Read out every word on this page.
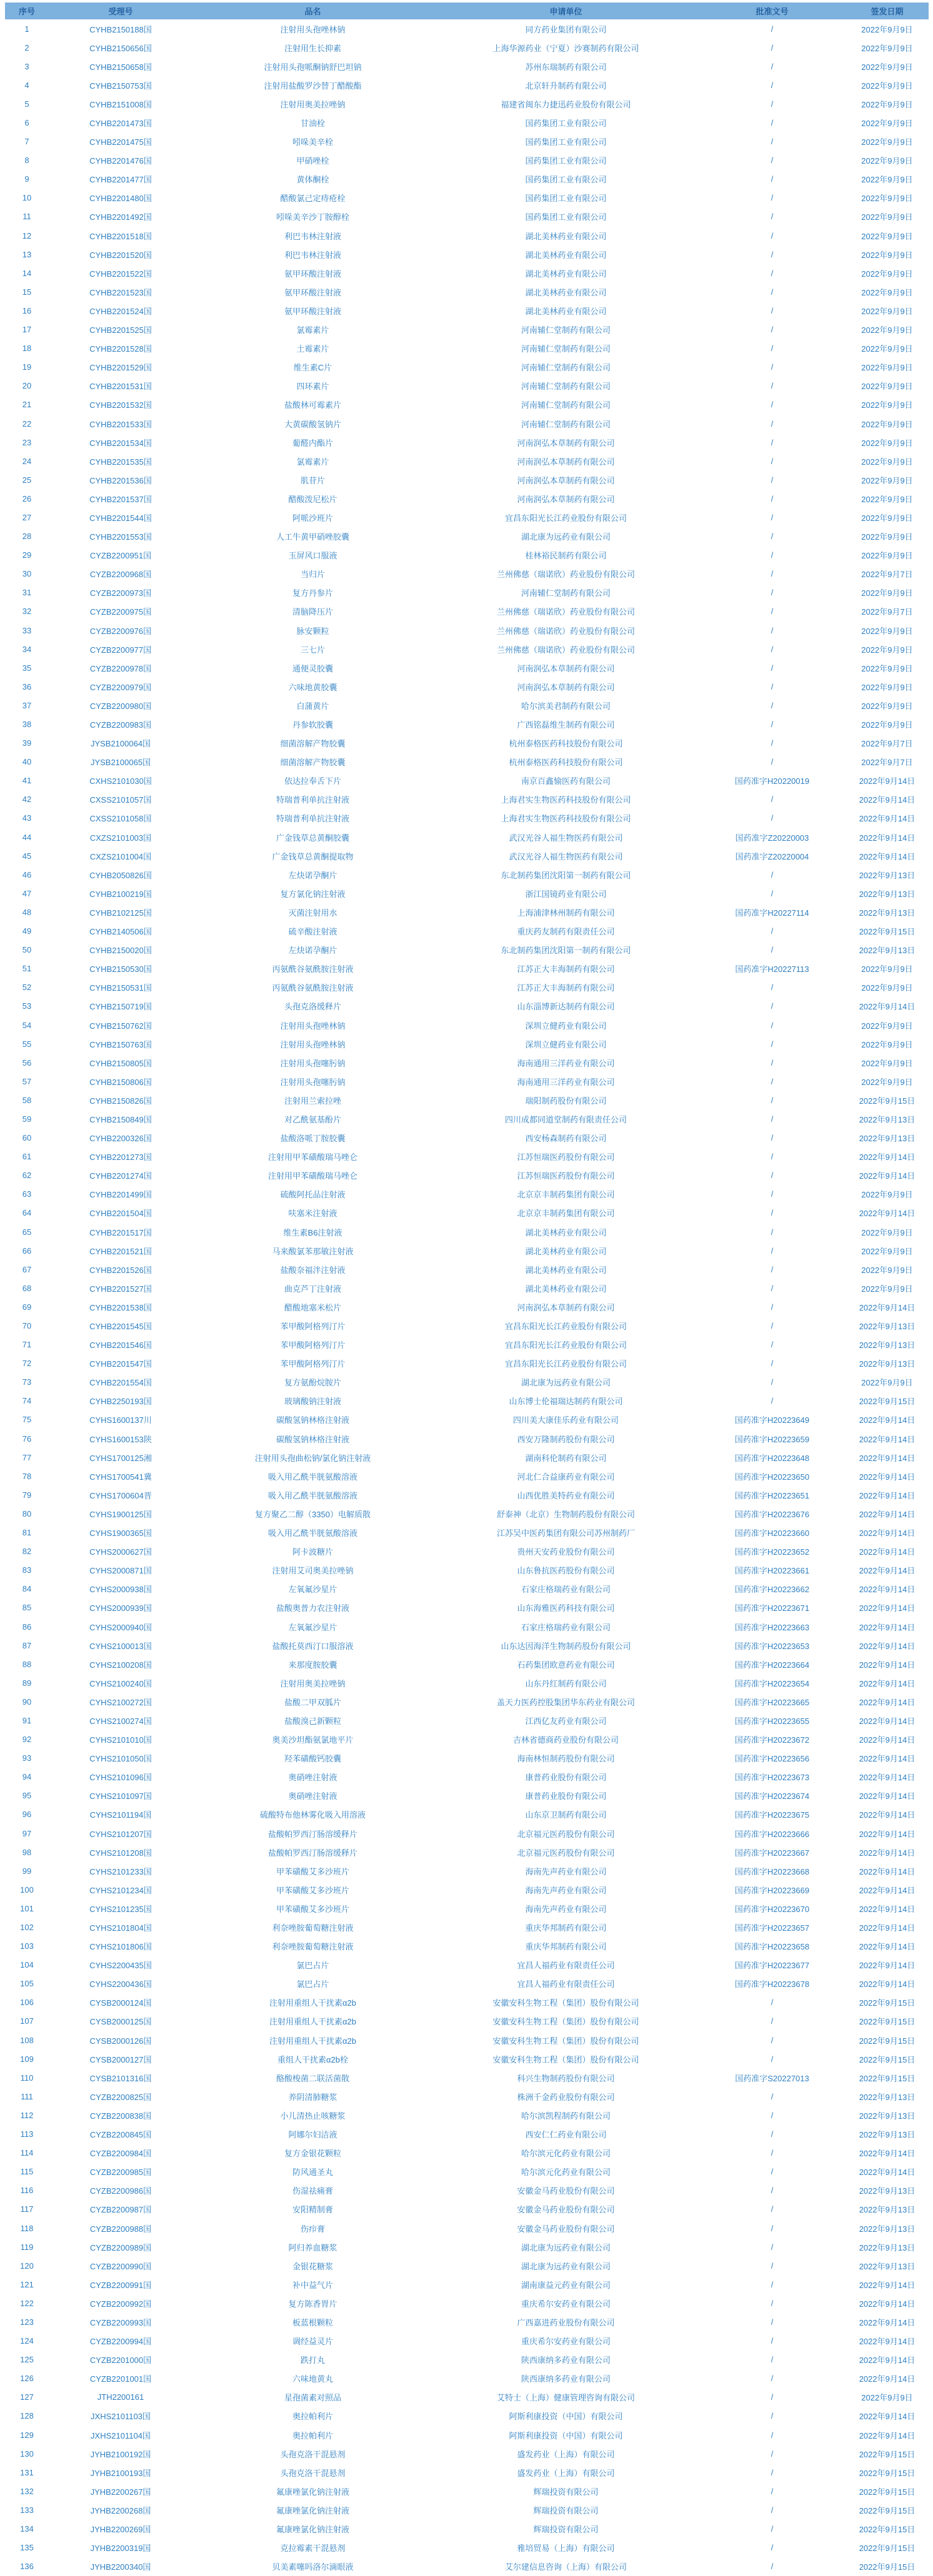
序号	受理号	品名	申请单位	批准文号	签发日期
1	CYHB2150188国	注射用头孢唑林钠	同方药业集团有限公司	/	2022年9月9日
2	CYHB2150656国	注射用生长抑素	上海华源药业（宁夏）沙赛制药有限公司	/	2022年9月9日
3	CYHB2150658国	注射用头孢哌酮钠舒巴坦钠	苏州东瑞制药有限公司	/	2022年9月9日
4	CYHB2150753国	注射用盐酸罗沙替丁醋酸酯	北京轩升制药有限公司	/	2022年9月9日
5	CYHB2151008国	注射用奥美拉唑钠	福建省闽东力捷迅药业股份有限公司	/	2022年9月9日
6	CYHB2201473国	甘油栓	国药集团工业有限公司	/	2022年9月9日
7	CYHB2201475国	吲哚美辛栓	国药集团工业有限公司	/	2022年9月9日
8	CYHB2201476国	甲硝唑栓	国药集团工业有限公司	/	2022年9月9日
9	CYHB2201477国	黄体酮栓	国药集团工业有限公司	/	2022年9月9日
10	CYHB2201480国	醋酸氯己定痔疮栓	国药集团工业有限公司	/	2022年9月9日
11	CYHB2201492国	吲哚美辛沙丁胺醇栓	国药集团工业有限公司	/	2022年9月9日
12	CYHB2201518国	利巴韦林注射液	湖北美林药业有限公司	/	2022年9月9日
13	CYHB2201520国	利巴韦林注射液	湖北美林药业有限公司	/	2022年9月9日
14	CYHB2201522国	氨甲环酸注射液	湖北美林药业有限公司	/	2022年9月9日
15	CYHB2201523国	氨甲环酸注射液	湖北美林药业有限公司	/	2022年9月9日
16	CYHB2201524国	氨甲环酸注射液	湖北美林药业有限公司	/	2022年9月9日
17	CYHB2201525国	氯霉素片	河南辅仁堂制药有限公司	/	2022年9月9日
18	CYHB2201528国	土霉素片	河南辅仁堂制药有限公司	/	2022年9月9日
19	CYHB2201529国	维生素C片	河南辅仁堂制药有限公司	/	2022年9月9日
20	CYHB2201531国	四环素片	河南辅仁堂制药有限公司	/	2022年9月9日
21	CYHB2201532国	盐酸林可霉素片	河南辅仁堂制药有限公司	/	2022年9月9日
22	CYHB2201533国	大黄碳酸氢钠片	河南辅仁堂制药有限公司	/	2022年9月9日
23	CYHB2201534国	葡醛内酯片	河南润弘本草制药有限公司	/	2022年9月9日
24	CYHB2201535国	氯霉素片	河南润弘本草制药有限公司	/	2022年9月9日
25	CYHB2201536国	肌苷片	河南润弘本草制药有限公司	/	2022年9月9日
26	CYHB2201537国	醋酸泼尼松片	河南润弘本草制药有限公司	/	2022年9月9日
27	CYHB2201544国	阿哌沙班片	宜昌东阳光长江药业股份有限公司	/	2022年9月9日
28	CYHB2201553国	人工牛黄甲硝唑胶囊	湖北康为远药业有限公司	/	2022年9月9日
29	CYZB2200951国	玉屏风口服液	桂林裕民制药有限公司	/	2022年9月9日
30	CYZB2200968国	当归片	兰州佛慈（瑞诺欣）药业股份有限公司	/	2022年9月7日
31	CYZB2200973国	复方丹参片	河南辅仁堂制药有限公司	/	2022年9月9日
32	CYZB2200975国	清脑降压片	兰州佛慈（瑞诺欣）药业股份有限公司	/	2022年9月7日
33	CYZB2200976国	脉安颗粒	兰州佛慈（瑞诺欣）药业股份有限公司	/	2022年9月9日
34	CYZB2200977国	三七片	兰州佛慈（瑞诺欣）药业股份有限公司	/	2022年9月9日
35	CYZB2200978国	通便灵胶囊	河南润弘本草制药有限公司	/	2022年9月9日
36	CYZB2200979国	六味地黄胶囊	河南润弘本草制药有限公司	/	2022年9月9日
37	CYZB2200980国	白蒲黄片	哈尔滨美君制药有限公司	/	2022年9月9日
38	CYZB2200983国	丹参软胶囊	广西铭磊维生制药有限公司	/	2022年9月9日
39	JYSB2100064国	细菌溶解产物胶囊	杭州泰格医药科技股份有限公司	/	2022年9月7日
40	JYSB2100065国	细菌溶解产物胶囊	杭州泰格医药科技股份有限公司	/	2022年9月7日
41	CXHS2101030国	依达拉奉舌下片	南京百鑫愉医药有限公司	国药准字H20220019	2022年9月14日
42	CXSS2101057国	特瑞普利单抗注射液	上海君实生物医药科技股份有限公司	/	2022年9月14日
43	CXSS2101058国	特瑞普利单抗注射液	上海君实生物医药科技股份有限公司	/	2022年9月14日
44	CXZS2101003国	广金钱草总黄酮胶囊	武汉光谷人福生物医药有限公司	国药准字Z20220003	2022年9月14日
45	CXZS2101004国	广金钱草总黄酮提取物	武汉光谷人福生物医药有限公司	国药准字Z20220004	2022年9月14日
46	CYHB2050826国	左炔诺孕酮片	东北制药集团沈阳第一制药有限公司	/	2022年9月13日
47	CYHB2100219国	复方氯化钠注射液	浙江国镜药业有限公司	/	2022年9月13日
48	CYHB2102125国	灭菌注射用水	上海浦津林州制药有限公司	国药准字H20227114	2022年9月13日
49	CYHB2140506国	硫辛酸注射液	重庆药友制药有限责任公司	/	2022年9月15日
50	CYHB2150020国	左炔诺孕酮片	东北制药集团沈阳第一制药有限公司	/	2022年9月13日
51	CYHB2150530国	丙氨酰谷氨酰胺注射液	江苏正大丰海制药有限公司	国药准字H20227113	2022年9月9日
52	CYHB2150531国	丙氨酰谷氨酰胺注射液	江苏正大丰海制药有限公司	/	2022年9月9日
53	CYHB2150719国	头孢克洛缓释片	山东淄博新达制药有限公司	/	2022年9月14日
54	CYHB2150762国	注射用头孢唑林钠	深圳立健药业有限公司	/	2022年9月9日
55	CYHB2150763国	注射用头孢唑林钠	深圳立健药业有限公司	/	2022年9月9日
56	CYHB2150805国	注射用头孢噻肟钠	海南通用三洋药业有限公司	/	2022年9月9日
57	CYHB2150806国	注射用头孢噻肟钠	海南通用三洋药业有限公司	/	2022年9月9日
58	CYHB2150826国	注射用兰索拉唑	瑞阳制药股份有限公司	/	2022年9月15日
59	CYHB2150849国	对乙酰氨基酚片	四川成都同道堂制药有限责任公司	/	2022年9月13日
60	CYHB2200326国	盐酸洛哌丁胺胶囊	西安杨森制药有限公司	/	2022年9月13日
61	CYHB2201273国	注射用甲苯磺酸瑞马唑仑	江苏恒瑞医药股份有限公司	/	2022年9月14日
62	CYHB2201274国	注射用甲苯磺酸瑞马唑仑	江苏恒瑞医药股份有限公司	/	2022年9月14日
63	CYHB2201499国	硫酸阿托品注射液	北京京丰制药集团有限公司	/	2022年9月9日
64	CYHB2201504国	呋塞米注射液	北京京丰制药集团有限公司	/	2022年9月14日
65	CYHB2201517国	维生素B6注射液	湖北美林药业有限公司	/	2022年9月9日
66	CYHB2201521国	马来酸氯苯那敏注射液	湖北美林药业有限公司	/	2022年9月9日
67	CYHB2201526国	盐酸奈福泮注射液	湖北美林药业有限公司	/	2022年9月9日
68	CYHB2201527国	曲克芦丁注射液	湖北美林药业有限公司	/	2022年9月9日
69	CYHB2201538国	醋酸地塞米松片	河南润弘本草制药有限公司	/	2022年9月14日
70	CYHB2201545国	苯甲酸阿格列汀片	宜昌东阳光长江药业股份有限公司	/	2022年9月13日
71	CYHB2201546国	苯甲酸阿格列汀片	宜昌东阳光长江药业股份有限公司	/	2022年9月13日
72	CYHB2201547国	苯甲酸阿格列汀片	宜昌东阳光长江药业股份有限公司	/	2022年9月13日
73	CYHB2201554国	复方氨酚烷胺片	湖北康为远药业有限公司	/	2022年9月9日
74	CYHB2250193国	玻璃酸钠注射液	山东博士伦福瑞达制药有限公司	/	2022年9月15日
75	CYHS1600137川	碳酸氢钠林格注射液	四川美大康佳乐药业有限公司	国药准字H20223649	2022年9月14日
76	CYHS1600153陕	碳酸氢钠林格注射液	西安万隆制药股份有限公司	国药准字H20223659	2022年9月14日
77	CYHS1700125湘	注射用头孢曲松钠/氯化钠注射液	湖南科伦制药有限公司	国药准字H20223648	2022年9月14日
78	CYHS1700541冀	吸入用乙酰半胱氨酸溶液	河北仁合益康药业有限公司	国药准字H20223650	2022年9月14日
79	CYHS1700604晋	吸入用乙酰半胱氨酸溶液	山西优胜美特药业有限公司	国药准字H20223651	2022年9月14日
80	CYHS1900125国	复方聚乙二醇（3350）电解质散	舒泰神（北京）生物制药股份有限公司	国药准字H20223676	2022年9月14日
81	CYHS1900365国	吸入用乙酰半胱氨酸溶液	江苏吴中医药集团有限公司苏州制药厂	国药准字H20223660	2022年9月14日
82	CYHS2000627国	阿卡波糖片	贵州天安药业股份有限公司	国药准字H20223652	2022年9月14日
83	CYHS2000871国	注射用艾司奥美拉唑钠	山东鲁抗医药股份有限公司	国药准字H20223661	2022年9月14日
84	CYHS2000938国	左氧氟沙星片	石家庄格瑞药业有限公司	国药准字H20223662	2022年9月14日
85	CYHS2000939国	盐酸奥普力农注射液	山东海雅医药科技有限公司	国药准字H20223671	2022年9月14日
86	CYHS2000940国	左氧氟沙星片	石家庄格瑞药业有限公司	国药准字H20223663	2022年9月14日
87	CYHS2100013国	盐酸托莫西汀口服溶液	山东达因海洋生物制药股份有限公司	国药准字H20223653	2022年9月14日
88	CYHS2100208国	来那度胺胶囊	石药集团欧意药业有限公司	国药准字H20223664	2022年9月14日
89	CYHS2100240国	注射用奥美拉唑钠	山东丹红制药有限公司	国药准字H20223654	2022年9月14日
90	CYHS2100272国	盐酸二甲双胍片	盖天力医药控股集团华东药业有限公司	国药准字H20223665	2022年9月14日
91	CYHS2100274国	盐酸溴己新颗粒	江西亿友药业有限公司	国药准字H20223655	2022年9月14日
92	CYHS2101010国	奥美沙坦酯氨氯地平片	吉林省德商药业股份有限公司	国药准字H20223672	2022年9月14日
93	CYHS2101050国	羟苯磺酸钙胶囊	海南林恒制药股份有限公司	国药准字H20223656	2022年9月14日
94	CYHS2101096国	奥硝唑注射液	康普药业股份有限公司	国药准字H20223673	2022年9月14日
95	CYHS2101097国	奥硝唑注射液	康普药业股份有限公司	国药准字H20223674	2022年9月14日
96	CYHS2101194国	硫酸特布他林雾化吸入用溶液	山东京卫制药有限公司	国药准字H20223675	2022年9月14日
97	CYHS2101207国	盐酸帕罗西汀肠溶缓释片	北京福元医药股份有限公司	国药准字H20223666	2022年9月14日
98	CYHS2101208国	盐酸帕罗西汀肠溶缓释片	北京福元医药股份有限公司	国药准字H20223667	2022年9月14日
99	CYHS2101233国	甲苯磺酸艾多沙班片	海南先声药业有限公司	国药准字H20223668	2022年9月14日
100	CYHS2101234国	甲苯磺酸艾多沙班片	海南先声药业有限公司	国药准字H20223669	2022年9月14日
101	CYHS2101235国	甲苯磺酸艾多沙班片	海南先声药业有限公司	国药准字H20223670	2022年9月14日
102	CYHS2101804国	利奈唑胺葡萄糖注射液	重庆华邦制药有限公司	国药准字H20223657	2022年9月14日
103	CYHS2101806国	利奈唑胺葡萄糖注射液	重庆华邦制药有限公司	国药准字H20223658	2022年9月14日
104	CYHS2200435国	氯巴占片	宜昌人福药业有限责任公司	国药准字H20223677	2022年9月14日
105	CYHS2200436国	氯巴占片	宜昌人福药业有限责任公司	国药准字H20223678	2022年9月14日
106	CYSB2000124国	注射用重组人干扰素α2b	安徽安科生物工程（集团）股份有限公司	/	2022年9月15日
107	CYSB2000125国	注射用重组人干扰素α2b	安徽安科生物工程（集团）股份有限公司	/	2022年9月15日
108	CYSB2000126国	注射用重组人干扰素α2b	安徽安科生物工程（集团）股份有限公司	/	2022年9月15日
109	CYSB2000127国	重组人干扰素α2b栓	安徽安科生物工程（集团）股份有限公司	/	2022年9月15日
110	CYSB2101316国	酪酸梭菌二联活菌散	科兴生物制药股份有限公司	国药准字S20227013	2022年9月15日
111	CYZB2200825国	养阴清肺糖浆	株洲千金药业股份有限公司	/	2022年9月13日
112	CYZB2200838国	小儿清热止咳糖浆	哈尔滨凯程制药有限公司	/	2022年9月13日
113	CYZB2200845国	阿娜尔妇洁液	西安仁仁药业有限公司	/	2022年9月13日
114	CYZB2200984国	复方金银花颗粒	哈尔滨元化药业有限公司	/	2022年9月14日
115	CYZB2200985国	防风通圣丸	哈尔滨元化药业有限公司	/	2022年9月14日
116	CYZB2200986国	伤湿祛痛膏	安徽金马药业股份有限公司	/	2022年9月13日
117	CYZB2200987国	安阳精制膏	安徽金马药业股份有限公司	/	2022年9月13日
118	CYZB2200988国	伤疖膏	安徽金马药业股份有限公司	/	2022年9月13日
119	CYZB2200989国	阿归养血糖浆	湖北康为远药业有限公司	/	2022年9月13日
120	CYZB2200990国	金银花糖浆	湖北康为远药业有限公司	/	2022年9月13日
121	CYZB2200991国	补中益气片	湖南康益元药业有限公司	/	2022年9月14日
122	CYZB2200992国	复方陈香胃片	重庆希尔安药业有限公司	/	2022年9月14日
123	CYZB2200993国	板蓝根颗粒	广西嘉进药业股份有限公司	/	2022年9月14日
124	CYZB2200994国	调经益灵片	重庆希尔安药业有限公司	/	2022年9月14日
125	CYZB2201000国	跌打丸	陕西康纳多药业有限公司	/	2022年9月14日
126	CYZB2201001国	六味地黄丸	陕西康纳多药业有限公司	/	2022年9月14日
127	JTH2200161	星孢菌素对照品	艾特士（上海）健康管理咨询有限公司	/	2022年9月9日
128	JXHS2101103国	奥拉帕利片	阿斯利康投资（中国）有限公司	/	2022年9月14日
129	JXHS2101104国	奥拉帕利片	阿斯利康投资（中国）有限公司	/	2022年9月14日
130	JYHB2100192国	头孢克洛干混悬剂	盛发药业（上海）有限公司	/	2022年9月15日
131	JYHB2100193国	头孢克洛干混悬剂	盛发药业（上海）有限公司	/	2022年9月15日
132	JYHB2200267国	氟康唑氯化钠注射液	辉瑞投资有限公司	/	2022年9月15日
133	JYHB2200268国	氟康唑氯化钠注射液	辉瑞投资有限公司	/	2022年9月15日
134	JYHB2200269国	氟康唑氯化钠注射液	辉瑞投资有限公司	/	2022年9月15日
135	JYHB2200319国	克拉霉素干混悬剂	雅培贸易（上海）有限公司	/	2022年9月15日
136	JYHB2200340国	贝美素噻吗洛尔滴眼液	艾尔建信息咨询（上海）有限公司	/	2022年9月15日
